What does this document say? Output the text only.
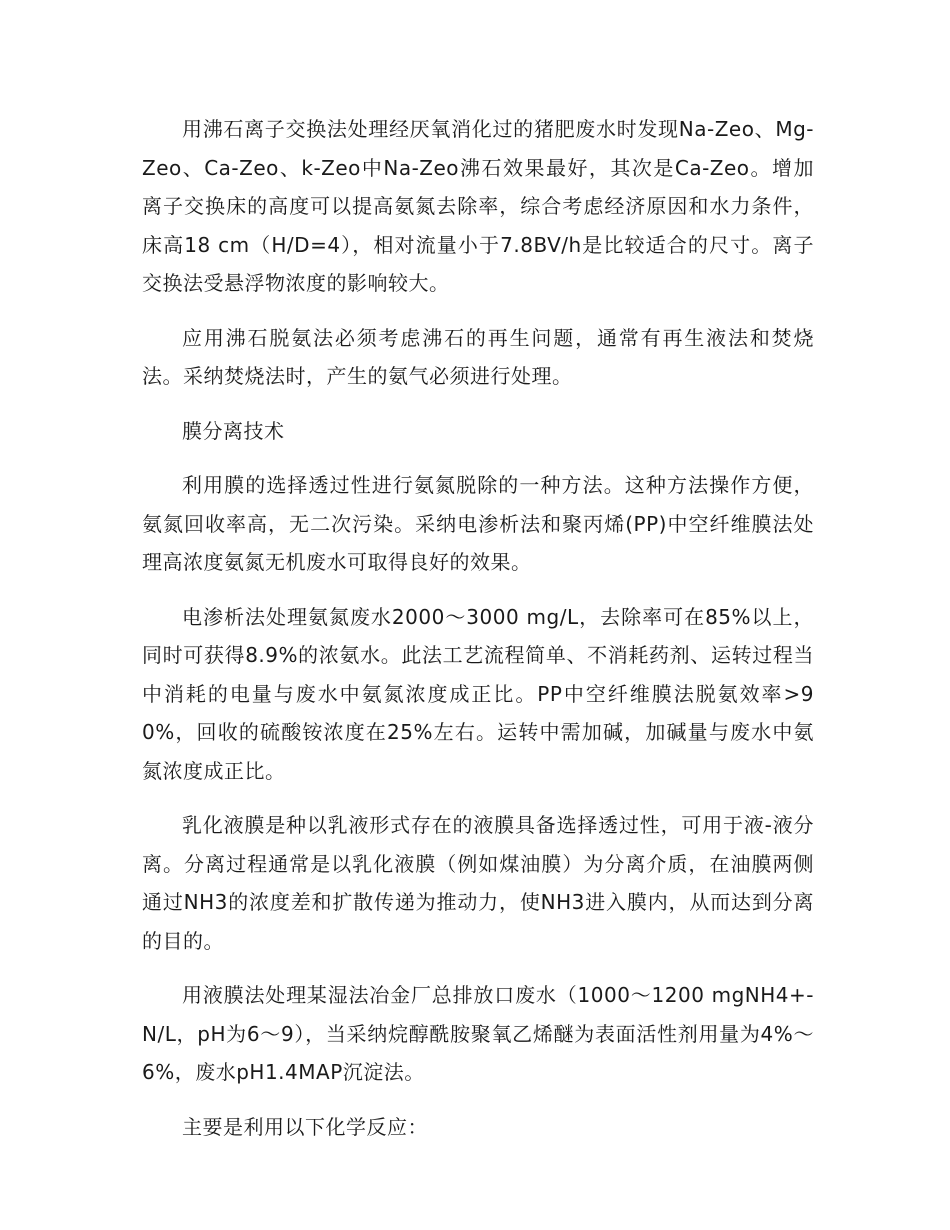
用沸石离子交换法处理经厌氧消化过的猪肥废水时发现Na-Zeo、Mg-Zeo、Ca-Zeo、k-Zeo中Na-Zeo沸石效果最好，其次是Ca-Zeo。增加离子交换床的高度可以提高氨氮去除率，综合考虑经济原因和水力条件，床高18 cm（H/D=4），相对流量小于7.8BV/h是比较适合的尺寸。离子交换法受悬浮物浓度的影响较大。

应用沸石脱氨法必须考虑沸石的再生问题，通常有再生液法和焚烧法。采纳焚烧法时，产生的氨气必须进行处理。

膜分离技术

利用膜的选择透过性进行氨氮脱除的一种方法。这种方法操作方便，氨氮回收率高，无二次污染。采纳电渗析法和聚丙烯(PP)中空纤维膜法处理高浓度氨氮无机废水可取得良好的效果。

电渗析法处理氨氮废水2000～3000 mg/L，去除率可在85%以上，同时可获得8.9%的浓氨水。此法工艺流程简单、不消耗药剂、运转过程当中消耗的电量与废水中氨氮浓度成正比。PP中空纤维膜法脱氨效率>90%，回收的硫酸铵浓度在25%左右。运转中需加碱，加碱量与废水中氨氮浓度成正比。

乳化液膜是种以乳液形式存在的液膜具备选择透过性，可用于液-液分离。分离过程通常是以乳化液膜（例如煤油膜）为分离介质，在油膜两侧通过NH3的浓度差和扩散传递为推动力，使NH3进入膜内，从而达到分离的目的。

用液膜法处理某湿法冶金厂总排放口废水（1000～1200 mgNH4+-N/L，pH为6～9），当采纳烷醇酰胺聚氧乙烯醚为表面活性剂用量为4%～6%，废水pH1.4MAP沉淀法。

主要是利用以下化学反应：
